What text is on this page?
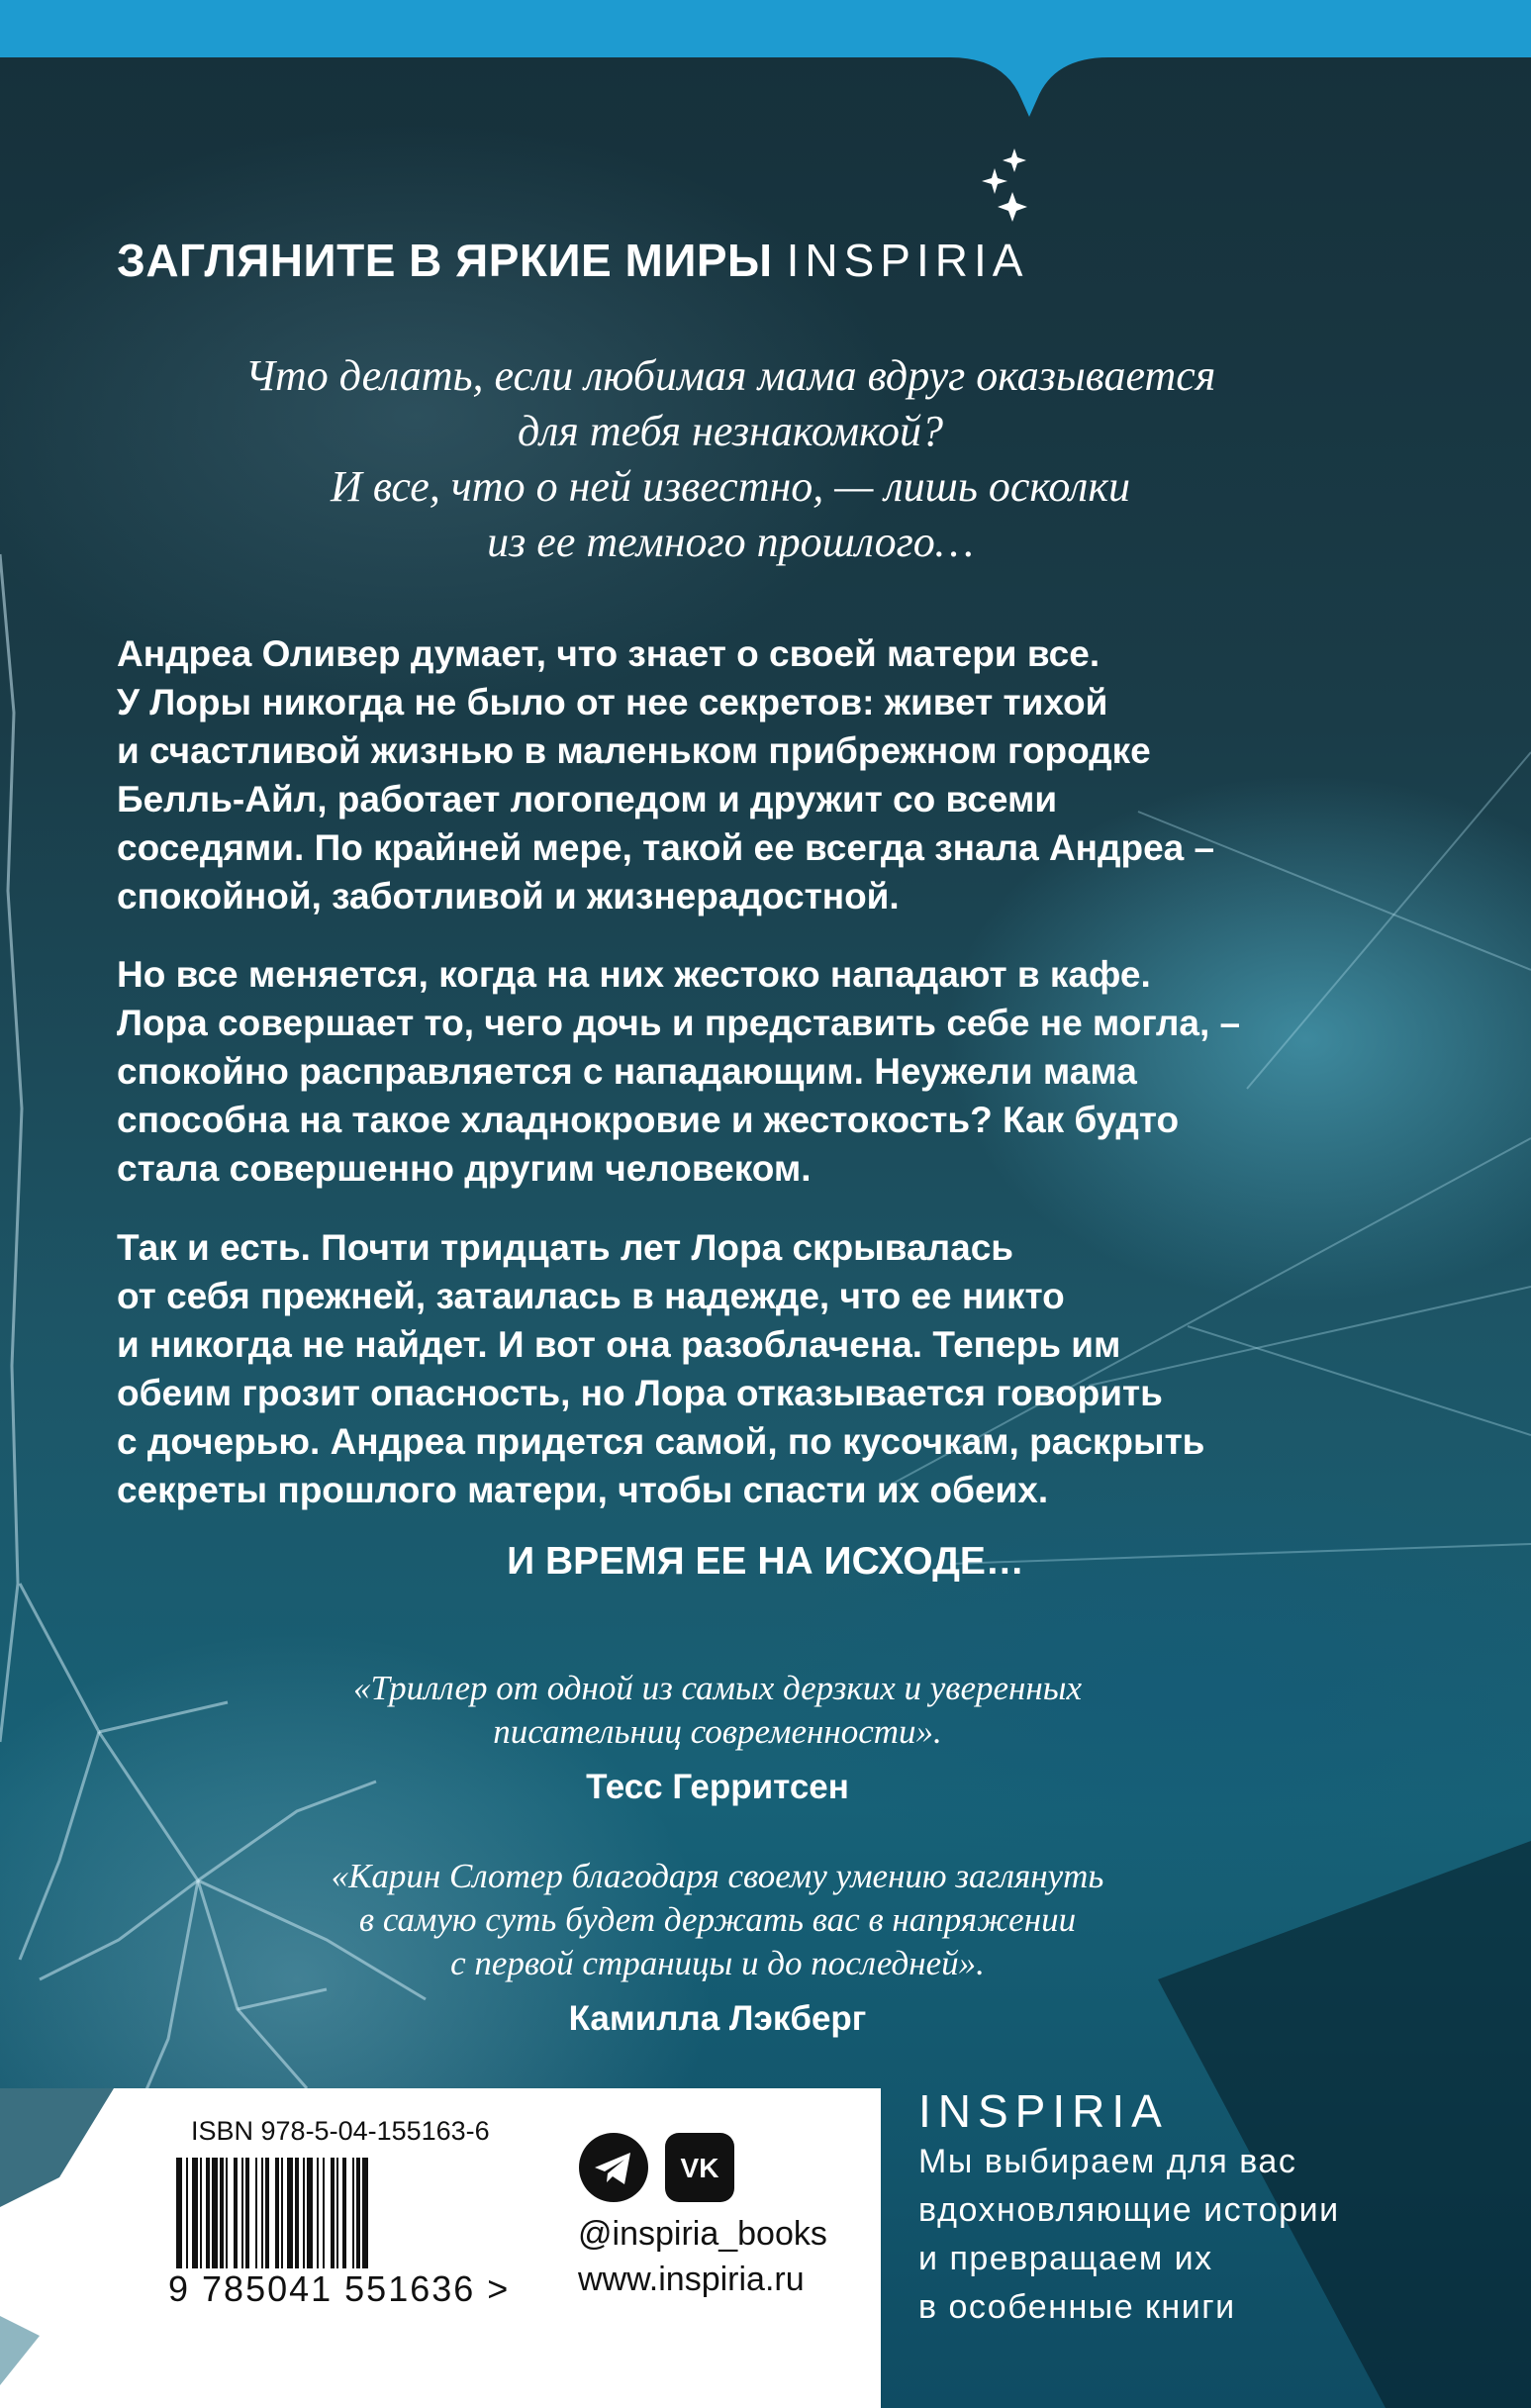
ЗАГЛЯНИТЕ В ЯРКИЕ МИРЫ INSPIRIA
Что делать, если любимая мама вдруг оказывается
для тебя незнакомкой?
И все, что о ней известно, — лишь осколки
из ее темного прошлого…
Андреа Оливер думает, что знает о своей матери все.
У Лоры никогда не было от нее секретов: живет тихой
и счастливой жизнью в маленьком прибрежном городке
Белль-Айл, работает логопедом и дружит со всеми
соседями. По крайней мере, такой ее всегда знала Андреа –
спокойной, заботливой и жизнерадостной.
Но все меняется, когда на них жестоко нападают в кафе.
Лора совершает то, чего дочь и представить себе не могла, –
спокойно расправляется с нападающим. Неужели мама
способна на такое хладнокровие и жестокость? Как будто
стала совершенно другим человеком.
Так и есть. Почти тридцать лет Лора скрывалась
от себя прежней, затаилась в надежде, что ее никто
и никогда не найдет. И вот она разоблачена. Теперь им
обеим грозит опасность, но Лора отказывается говорить
с дочерью. Андреа придется самой, по кусочкам, раскрыть
секреты прошлого матери, чтобы спасти их обеих.
И ВРЕМЯ ЕЕ НА ИСХОДЕ…
«Триллер от одной из самых дерзких и уверенных
писательниц современности».
Тесс Герритсен
«Карин Слотер благодаря своему умению заглянуть
в самую суть будет держать вас в напряжении
с первой страницы и до последней».
Камилла Лэкберг
ISBN 978-5-04-155163-6
9 785041 551636 >
VK
@inspiria_books
www.inspiria.ru
INSPIRIA
Мы выбираем для вас
вдохновляющие истории
и превращаем их
в особенные книги
